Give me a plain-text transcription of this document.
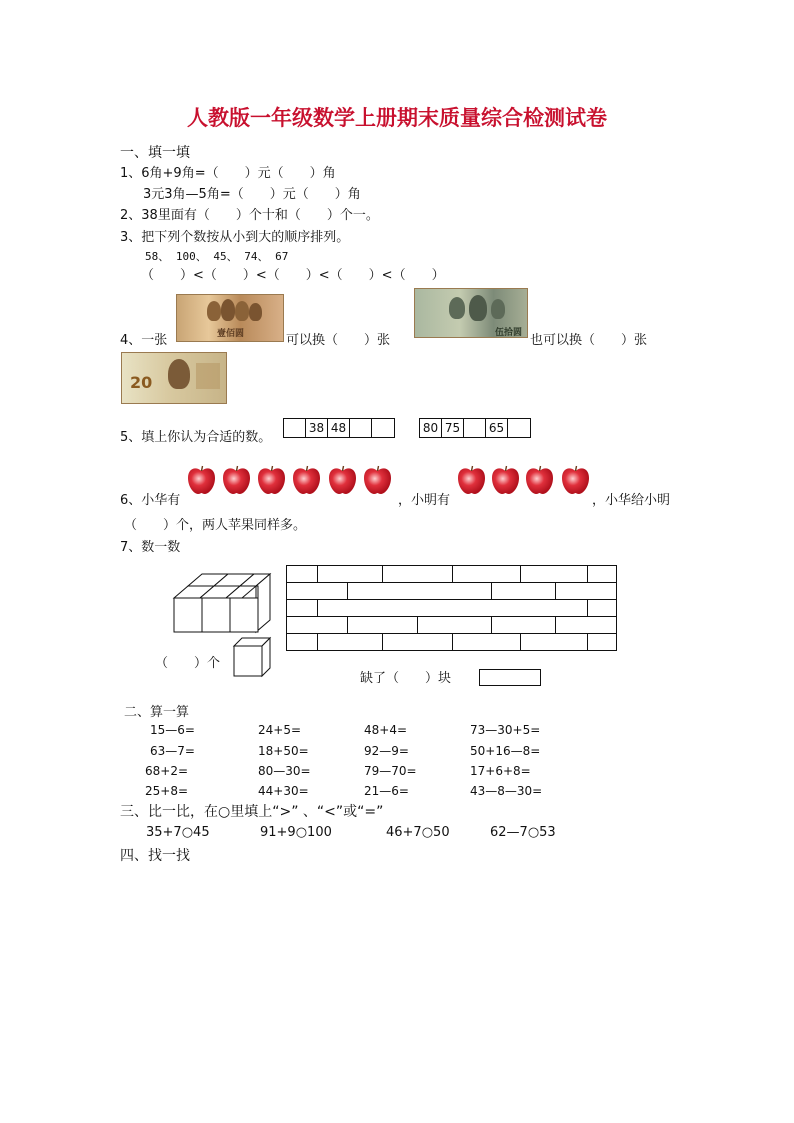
人教版一年级数学上册期末质量综合检测试卷
一、填一填
1、6角+9角=（　　）元（　　）角
3元3角—5角=（　　）元（　　）角
2、38里面有（　　）个十和（　　）个一。
3、把下列个数按从小到大的顺序排列。
58、 100、 45、 74、 67
（　　）<（　　）<（　　）<（　　）<（　　）
4、一张	壹佰圆	可以换（　　）张	伍拾圆 也可以换（　　）张
20
5、填上你认为合适的数。
38 48	80 75	65
6、小华有	，小明有	，小华给小明
（　　）个，两人苹果同样多。
7、数一数
（　　）个
缺了（　　）块
二、算一算
15—6=	24+5=	48+4=	73—30+5=
63—7=	18+50=	92—9=	50+16—8=
68+2=	80—30=	79—70=	17+6+8=
25+8=	44+30=	21—6=	43—8—30=
三、比一比，在○里填上“>” 、“<”或“=”
35+7○45	91+9○100	46+7○50	62—7○53
四、找一找
